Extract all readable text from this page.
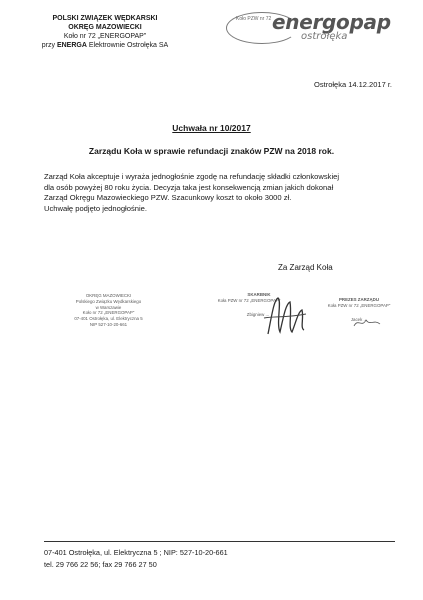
POLSKI ZWIĄZEK WĘDKARSKI
OKRĘG MAZOWIECKI
Koło nr 72 „ENERGOPAP”
przy ENERGA Elektrownie Ostrołęka SA
Koło PZW nr 72 energopap
ostrołęka
Ostrołęka 14.12.2017 r.
Uchwała nr 10/2017
Zarządu Koła w sprawie refundacji znaków PZW na 2018 rok.

Zarząd Koła akceptuje i wyraża jednogłośnie zgodę na refundację składki członkowskiej

dla osób powyżej 80 roku życia. Decyzja taka jest konsekwencją zmian jakich dokonał

Zarząd Okręgu Mazowieckiego PZW. Szacunkowy koszt to około 3000 zł.

Uchwałę podjęto jednogłośnie.

Za Zarząd Koła
OKRĘG MAZOWIECKI
Polskiego Związku Wędkarskiego
w Warszawie
Koło nr 72 „ENERGOPAP”
07-401 Ostrołęka, ul. Elektryczna 5
NIP 527-10-20-661
SKARBNIK
Koła PZW nr 72 „ENERGOPAP”
Zbigniew ...
PREZES ZARZĄDU
Koła PZW nr 72 „ENERGOPAP”
Jacek ...
07-401 Ostrołęka, ul. Elektryczna 5 ; NIP: 527-10-20-661
tel. 29 766 22 56; fax 29 766 27 50
